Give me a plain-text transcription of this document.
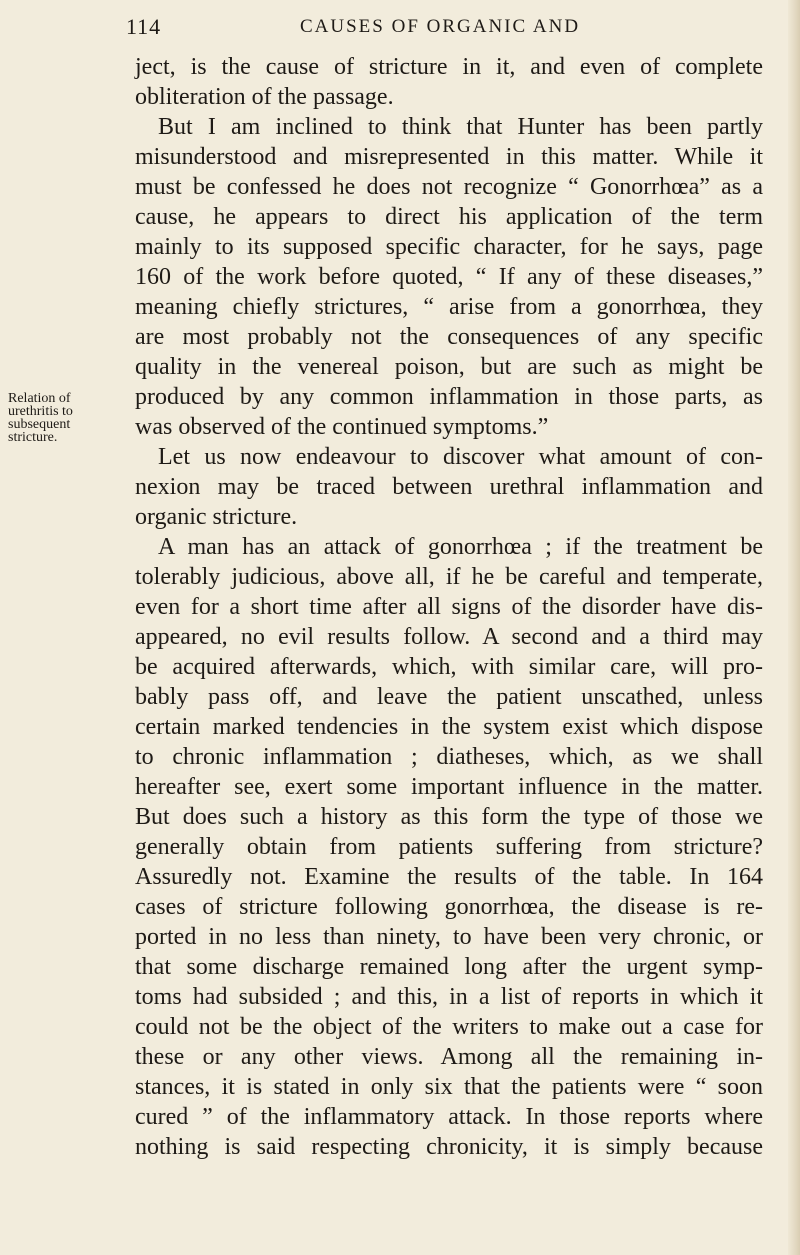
114	CAUSES OF ORGANIC AND
Relation of
urethritis to
subsequent
stricture.
ject, is the cause of stricture in it, and even of complete
obliteration of the passage.
But I am inclined to think that Hunter has been partly
misunderstood and misrepresented in this matter. While it
must be confessed he does not recognize “ Gonorrhœa” as a
cause, he appears to direct his application of the term
mainly to its supposed specific character, for he says, page
160 of the work before quoted, “ If any of these diseases,”
meaning chiefly strictures, “ arise from a gonorrhœa, they
are most probably not the consequences of any specific
quality in the venereal poison, but are such as might be
produced by any common inflammation in those parts, as
was observed of the continued symptoms.”
Let us now endeavour to discover what amount of con-
nexion may be traced between urethral inflammation and
organic stricture.
A man has an attack of gonorrhœa ; if the treatment be
tolerably judicious, above all, if he be careful and temperate,
even for a short time after all signs of the disorder have dis-
appeared, no evil results follow. A second and a third may
be acquired afterwards, which, with similar care, will pro-
bably pass off, and leave the patient unscathed, unless
certain marked tendencies in the system exist which dispose
to chronic inflammation ; diatheses, which, as we shall
hereafter see, exert some important influence in the matter.
But does such a history as this form the type of those we
generally obtain from patients suffering from stricture?
Assuredly not. Examine the results of the table. In 164
cases of stricture following gonorrhœa, the disease is re-
ported in no less than ninety, to have been very chronic, or
that some discharge remained long after the urgent symp-
toms had subsided ; and this, in a list of reports in which it
could not be the object of the writers to make out a case for
these or any other views. Among all the remaining in-
stances, it is stated in only six that the patients were “ soon
cured ” of the inflammatory attack. In those reports where
nothing is said respecting chronicity, it is simply because
